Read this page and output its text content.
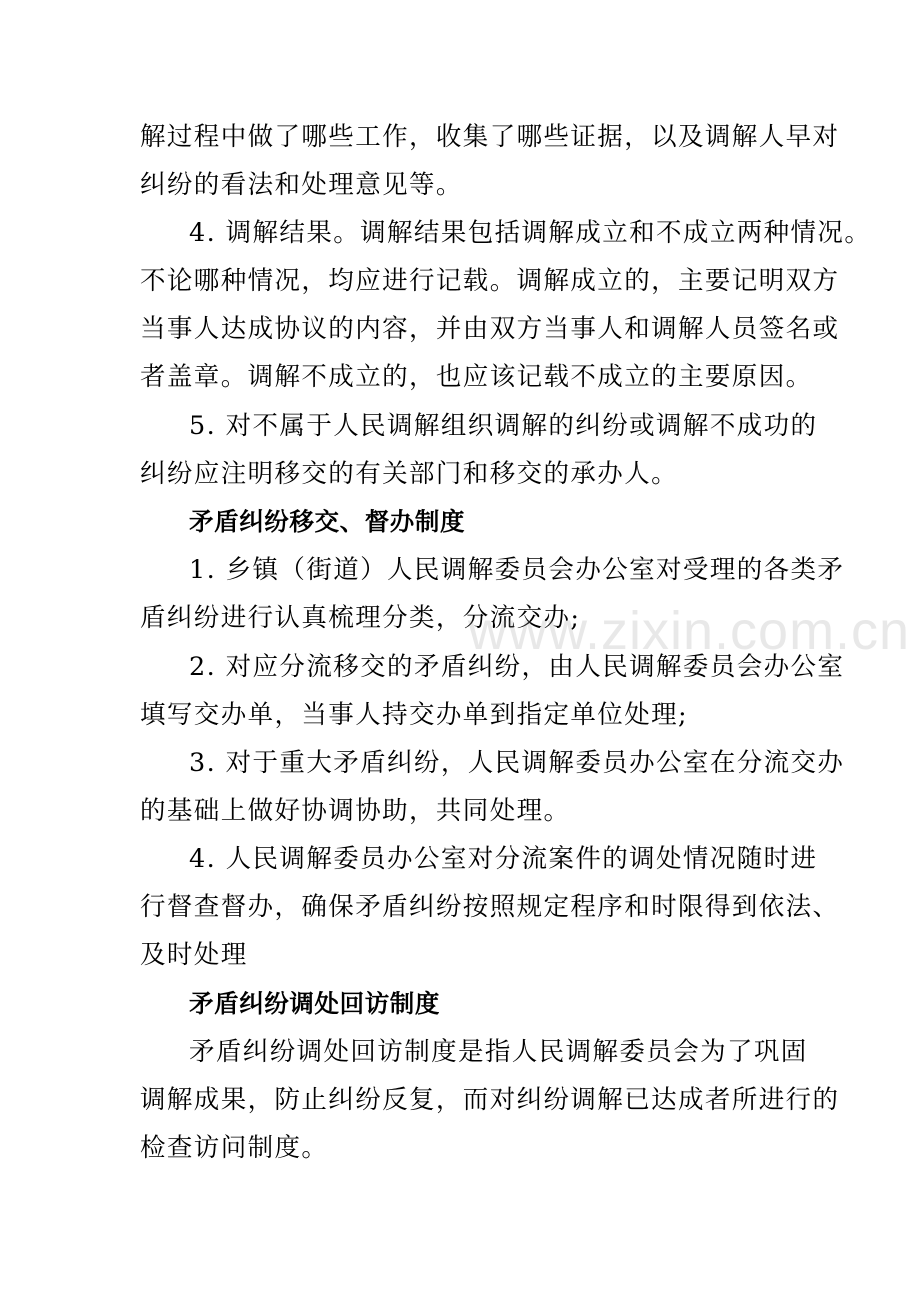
解过程中做了哪些工作，收集了哪些证据，以及调解人早对
纠纷的看法和处理意见等。
4. 调解结果。调解结果包括调解成立和不成立两种情况。
不论哪种情况，均应进行记载。调解成立的，主要记明双方
当事人达成协议的内容，并由双方当事人和调解人员签名或
者盖章。调解不成立的，也应该记载不成立的主要原因。
5. 对不属于人民调解组织调解的纠纷或调解不成功的
纠纷应注明移交的有关部门和移交的承办人。
矛盾纠纷移交、督办制度
1. 乡镇（街道）人民调解委员会办公室对受理的各类矛
盾纠纷进行认真梳理分类，分流交办;
2. 对应分流移交的矛盾纠纷，由人民调解委员会办公室
填写交办单，当事人持交办单到指定单位处理;
3. 对于重大矛盾纠纷，人民调解委员办公室在分流交办
的基础上做好协调协助，共同处理。
4. 人民调解委员办公室对分流案件的调处情况随时进
行督查督办，确保矛盾纠纷按照规定程序和时限得到依法、
及时处理
矛盾纠纷调处回访制度
矛盾纠纷调处回访制度是指人民调解委员会为了巩固
调解成果，防止纠纷反复，而对纠纷调解已达成者所进行的
检查访问制度。
www.zixin.com.cn
